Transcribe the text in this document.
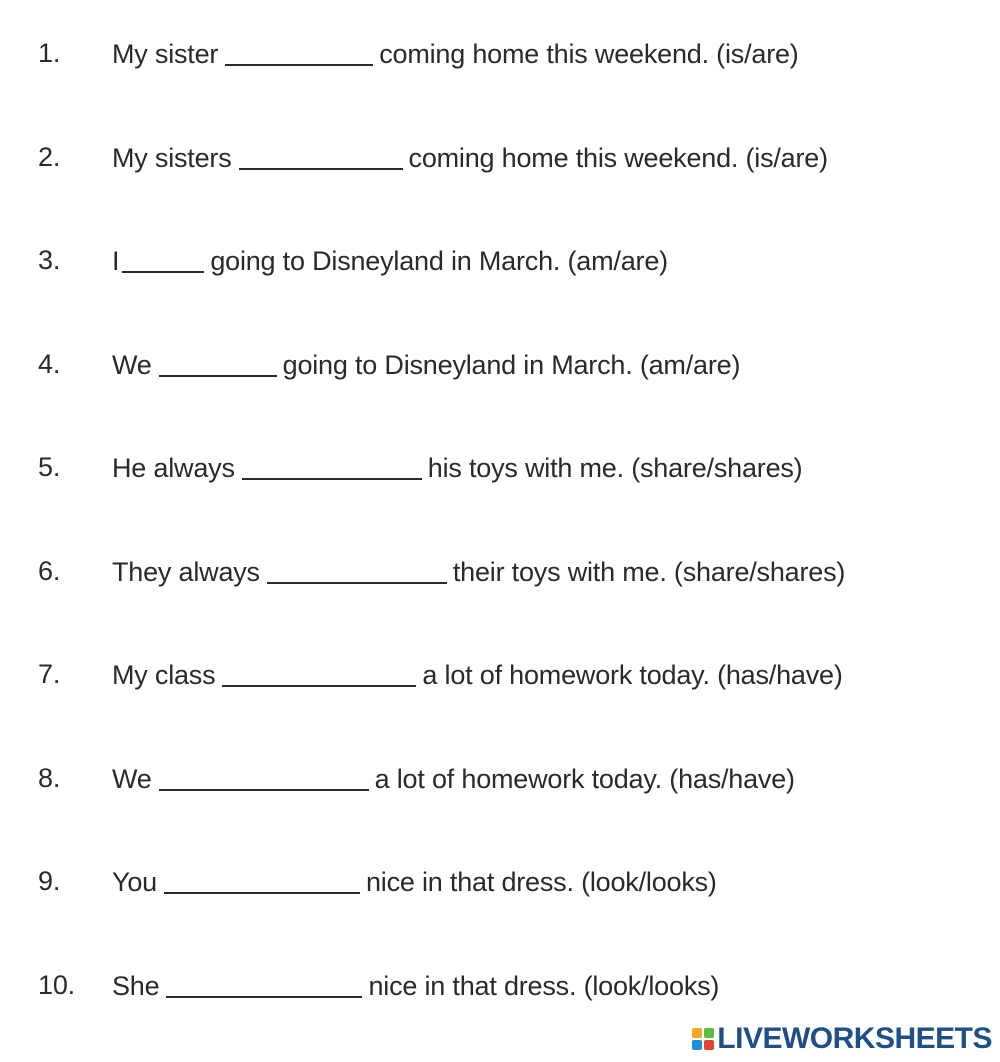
1.	My sister	coming home this weekend. (is/are)
2.	My sisters	coming home this weekend. (is/are)
3.	I	going to Disneyland in March. (am/are)
4.	We	going to Disneyland in March. (am/are)
5.	He always	his toys with me. (share/shares)
6.	They always	their toys with me. (share/shares)
7.	My class	a lot of homework today. (has/have)
8.	We	a lot of homework today. (has/have)
9.	You	nice in that dress. (look/looks)
10.	She	nice in that dress. (look/looks)
LIVEWORKSHEETS
